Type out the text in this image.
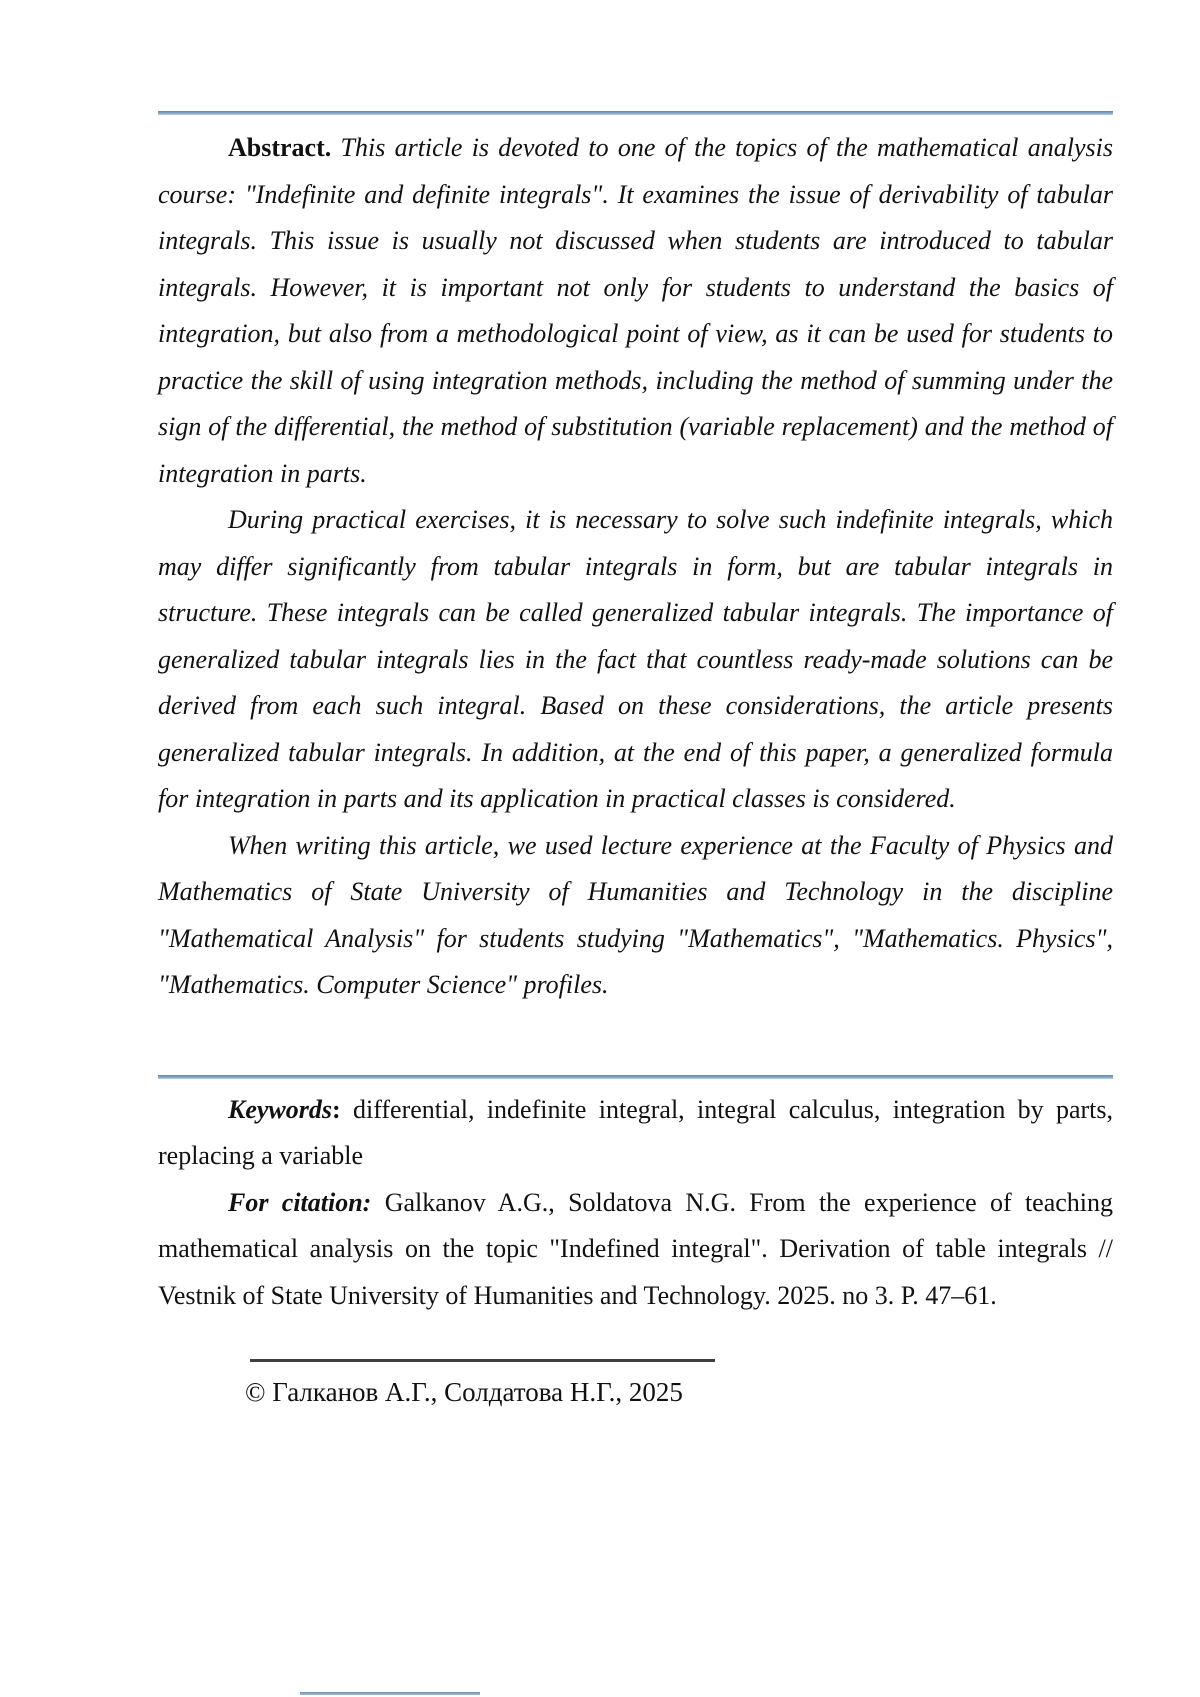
Abstract. This article is devoted to one of the topics of the mathematical analysis course: "Indefinite and definite integrals". It examines the issue of derivability of tabular integrals. This issue is usually not discussed when students are introduced to tabular integrals. However, it is important not only for students to understand the basics of integration, but also from a methodological point of view, as it can be used for students to practice the skill of using integration methods, including the method of summing under the sign of the differential, the method of substitution (variable replacement) and the method of integration in parts.

During practical exercises, it is necessary to solve such indefinite integrals, which may differ significantly from tabular integrals in form, but are tabular integrals in structure. These integrals can be called generalized tabular integrals. The importance of generalized tabular integrals lies in the fact that countless ready-made solutions can be derived from each such integral. Based on these considerations, the article presents generalized tabular integrals. In addition, at the end of this paper, a generalized formula for integration in parts and its application in practical classes is considered.

When writing this article, we used lecture experience at the Faculty of Physics and Mathematics of State University of Humanities and Technology in the discipline "Mathematical Analysis" for students studying "Mathematics", "Mathematics. Physics", "Mathematics. Computer Science" profiles.

Keywords: differential, indefinite integral, integral calculus, integration by parts, replacing a variable

For citation: Galkanov A.G., Soldatova N.G. From the experience of teaching mathematical analysis on the topic "Indefined integral". Derivation of table integrals // Vestnik of State University of Humanities and Technology. 2025. no 3. P. 47–61.

© Галканов А.Г., Солдатова Н.Г., 2025
